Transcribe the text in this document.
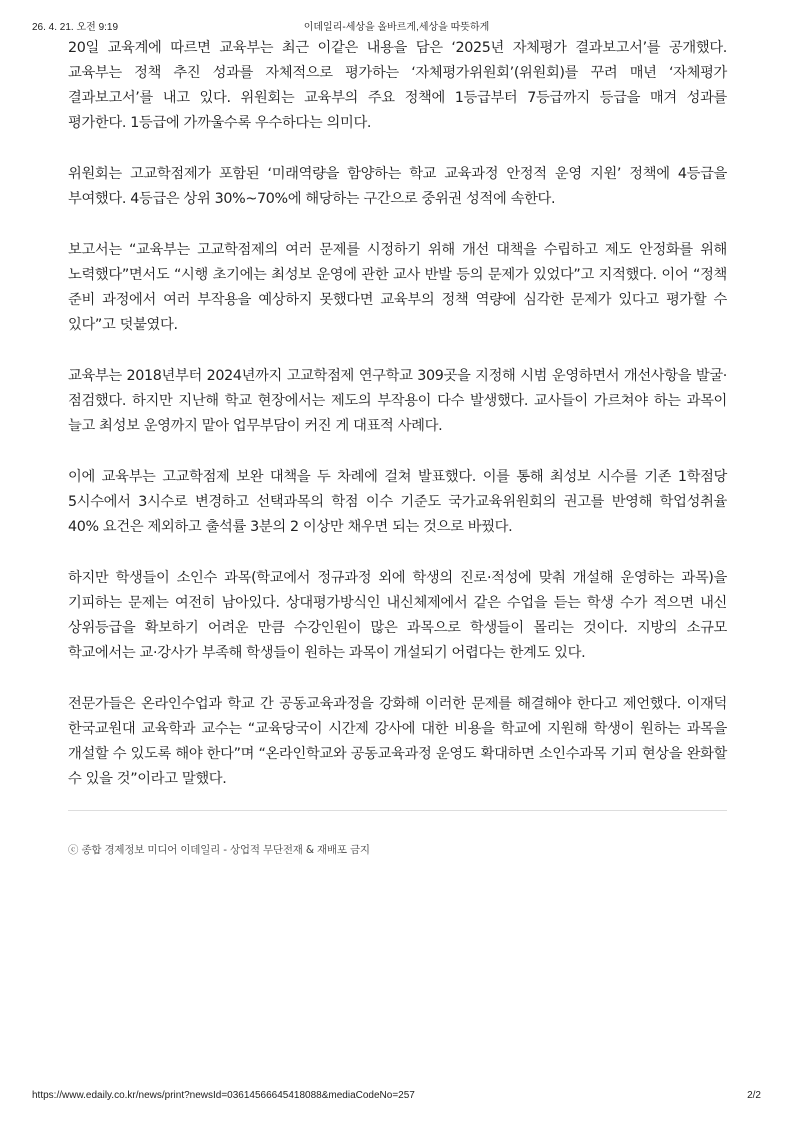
26. 4. 21. 오전 9:19	이데일리-세상을 올바르게,세상을 따뜻하게

20일 교육계에 따르면 교육부는 최근 이같은 내용을 담은 ‘2025년 자체평가 결과보고서’를 공개했다. 교육부는 정책 추진 성과를 자체적으로 평가하는 ‘자체평가위원회’(위원회)를 꾸려 매년 ‘자체평가 결과보고서’를 내고 있다. 위원회는 교육부의 주요 정책에 1등급부터 7등급까지 등급을 매겨 성과를 평가한다. 1등급에 가까울수록 우수하다는 의미다.

위원회는 고교학점제가 포함된 ‘미래역량을 함양하는 학교 교육과정 안정적 운영 지원’ 정책에 4등급을 부여했다. 4등급은 상위 30%~70%에 해당하는 구간으로 중위권 성적에 속한다.

보고서는 “교육부는 고교학점제의 여러 문제를 시정하기 위해 개선 대책을 수립하고 제도 안정화를 위해 노력했다”면서도 “시행 초기에는 최성보 운영에 관한 교사 반발 등의 문제가 있었다”고 지적했다. 이어 “정책 준비 과정에서 여러 부작용을 예상하지 못했다면 교육부의 정책 역량에 심각한 문제가 있다고 평가할 수 있다”고 덧붙였다.

교육부는 2018년부터 2024년까지 고교학점제 연구학교 309곳을 지정해 시범 운영하면서 개선사항을 발굴·점검했다. 하지만 지난해 학교 현장에서는 제도의 부작용이 다수 발생했다. 교사들이 가르쳐야 하는 과목이 늘고 최성보 운영까지 맡아 업무부담이 커진 게 대표적 사례다.

이에 교육부는 고교학점제 보완 대책을 두 차례에 걸쳐 발표했다. 이를 통해 최성보 시수를 기존 1학점당 5시수에서 3시수로 변경하고 선택과목의 학점 이수 기준도 국가교육위원회의 권고를 반영해 학업성취율 40% 요건은 제외하고 출석률 3분의 2 이상만 채우면 되는 것으로 바꿨다.

하지만 학생들이 소인수 과목(학교에서 정규과정 외에 학생의 진로·적성에 맞춰 개설해 운영하는 과목)을 기피하는 문제는 여전히 남아있다. 상대평가방식인 내신체제에서 같은 수업을 듣는 학생 수가 적으면 내신 상위등급을 확보하기 어려운 만큼 수강인원이 많은 과목으로 학생들이 몰리는 것이다. 지방의 소규모 학교에서는 교·강사가 부족해 학생들이 원하는 과목이 개설되기 어렵다는 한계도 있다.

전문가들은 온라인수업과 학교 간 공동교육과정을 강화해 이러한 문제를 해결해야 한다고 제언했다. 이재덕 한국교원대 교육학과 교수는 “교육당국이 시간제 강사에 대한 비용을 학교에 지원해 학생이 원하는 과목을 개설할 수 있도록 해야 한다”며 “온라인학교와 공동교육과정 운영도 확대하면 소인수과목 기피 현상을 완화할 수 있을 것”이라고 말했다.

ⓒ 종합 경제정보 미디어 이데일리 - 상업적 무단전재 & 재배포 금지
https://www.edaily.co.kr/news/print?newsId=03614566645418088&mediaCodeNo=257	2/2
